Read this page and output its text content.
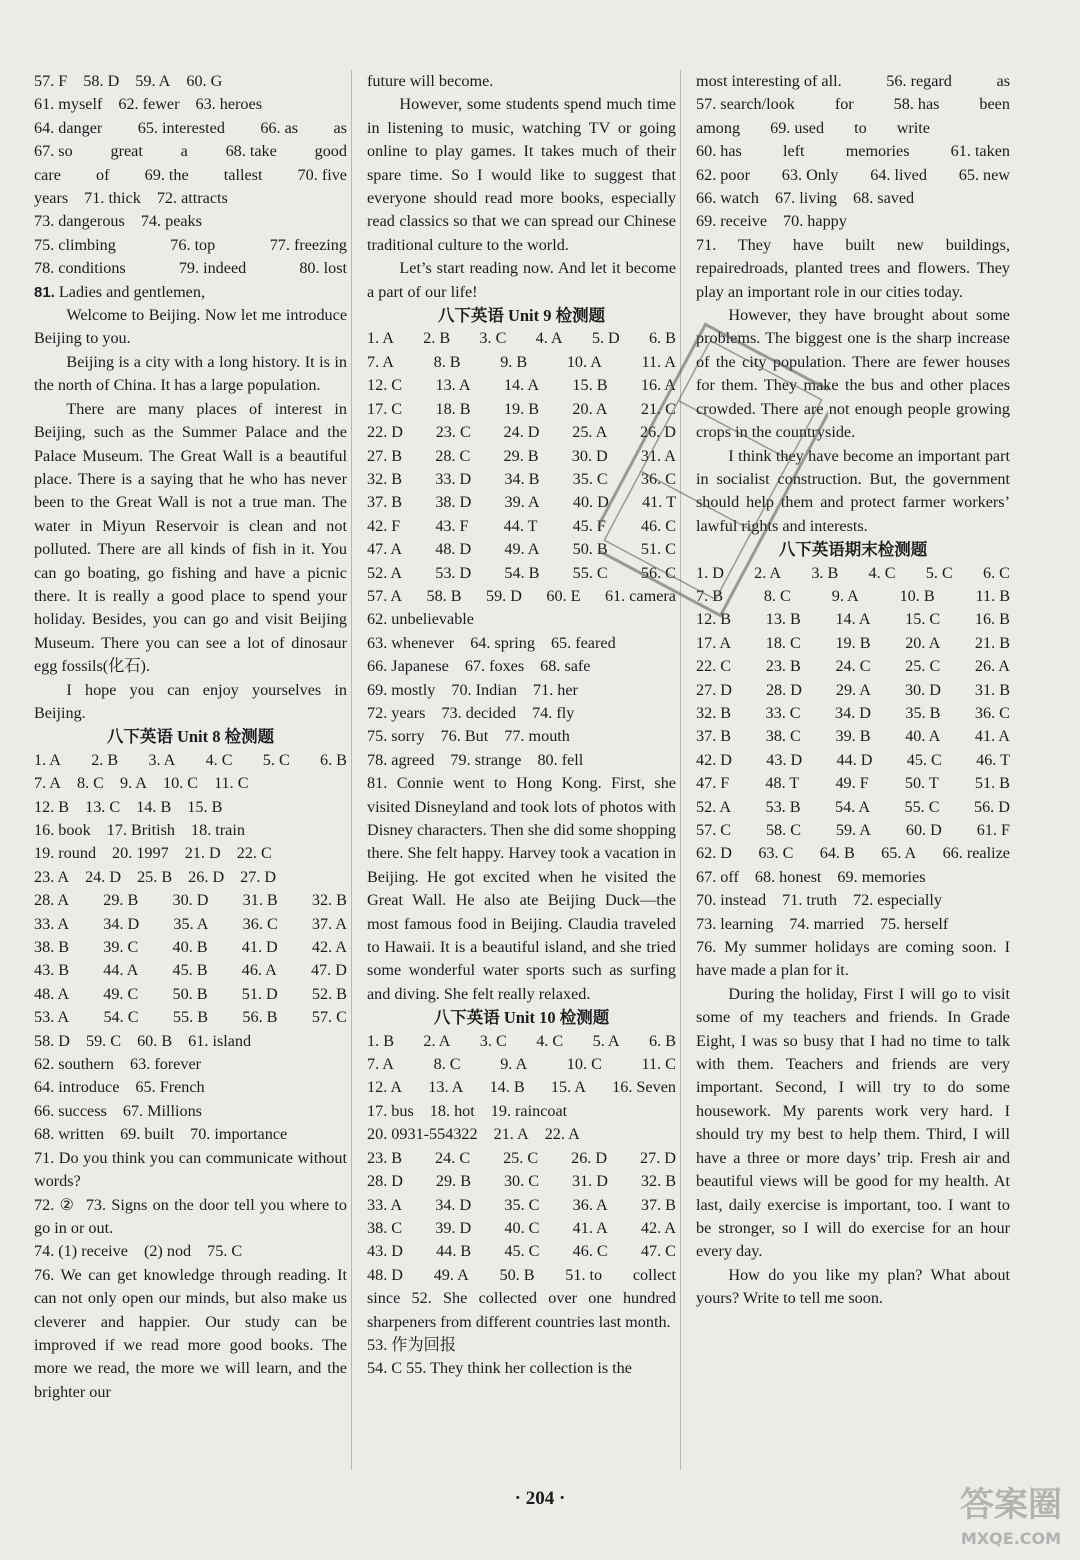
57. F 58. D 59. A 60. G
61. myself 62. fewer 63. heroes
64. danger 65. interested 66. as as
67. so great a 68. take good
care of 69. the tallest 70. five
years 71. thick 72. attracts
73. dangerous 74. peaks
75. climbing	76. top	77. freezing
78. conditions	79. indeed	80. lost
81. Ladies and gentlemen,
Welcome to Beijing. Now let me introduce Beijing to you.
Beijing is a city with a long history. It is in the north of China. It has a large population.
There are many places of interest in Beijing, such as the Summer Palace and the Palace Museum. The Great Wall is a beautiful place. There is a saying that he who has never been to the Great Wall is not a true man. The water in Miyun Reservoir is clean and not polluted. There are all kinds of fish in it. You can go boating, go fishing and have a picnic there. It is really a good place to spend your holiday. Besides, you can go and visit Beijing Museum. There you can see a lot of dinosaur egg fossils(化石).
I hope you can enjoy yourselves in Beijing.
八下英语 Unit 8 检测题
1. A 2. B 3. A 4. C 5. C 6. B
7. A 8. C 9. A 10. C 11. C
12. B 13. C 14. B 15. B
16. book 17. British 18. train
19. round 20. 1997 21. D 22. C
23. A 24. D 25. B 26. D 27. D
28. A 29. B 30. D 31. B 32. B
33. A 34. D 35. A 36. C 37. A
38. B 39. C 40. B 41. D 42. A
43. B 44. A 45. B 46. A 47. D
48. A 49. C 50. B 51. D 52. B
53. A 54. C 55. B 56. B 57. C
58. D 59. C 60. B 61. island
62. southern 63. forever
64. introduce 65. French
66. success 67. Millions
68. written 69. built 70. importance
71. Do you think you can communicate without words?
72. ② 73. Signs on the door tell you where to go in or out.
74. (1) receive (2) nod 75. C
76. We can get knowledge through reading. It can not only open our minds, but also make us cleverer and happier. Our study can be improved if we read more good books. The more we read, the more we will learn, and the brighter our
future will become.
However, some students spend much time in listening to music, watching TV or going online to play games. It takes much of their spare time. So I would like to suggest that everyone should read more books, especially read classics so that we can spread our Chinese traditional culture to the world.
Let’s start reading now. And let it become a part of our life!
八下英语 Unit 9 检测题
1. A 2. B 3. C 4. A 5. D 6. B
7. A 8. B 9. B 10. A 11. A
12. C 13. A 14. A 15. B 16. A
17. C 18. B 19. B 20. A 21. C
22. D 23. C 24. D 25. A 26. D
27. B 28. C 29. B 30. D 31. A
32. B 33. D 34. B 35. C 36. C
37. B 38. D 39. A 40. D 41. T
42. F 43. F 44. T 45. F 46. C
47. A 48. D 49. A 50. B 51. C
52. A 53. D 54. B 55. C 56. C
57. A 58. B 59. D 60. E 61. camera
62. unbelievable
63. whenever 64. spring 65. feared
66. Japanese 67. foxes 68. safe
69. mostly 70. Indian 71. her
72. years 73. decided 74. fly
75. sorry 76. But 77. mouth
78. agreed 79. strange 80. fell
81. Connie went to Hong Kong. First, she visited Disneyland and took lots of photos with Disney characters. Then she did some shopping there. She felt happy. Harvey took a vacation in Beijing. He got excited when he visited the Great Wall. He also ate Beijing Duck—the most famous food in Beijing. Claudia traveled to Hawaii. It is a beautiful island, and she tried some wonderful water sports such as surfing and diving. She felt really relaxed.
八下英语 Unit 10 检测题
1. B 2. A 3. C 4. C 5. A 6. B
7. A 8. C 9. A 10. C 11. C
12. A 13. A 14. B 15. A 16. Seven
17. bus 18. hot 19. raincoat
20. 0931-554322 21. A 22. A
23. B 24. C 25. C 26. D 27. D
28. D 29. B 30. C 31. D 32. B
33. A 34. D 35. C 36. A 37. B
38. C 39. D 40. C 41. A 42. A
43. D 44. B 45. C 46. C 47. C
48. D 49. A 50. B 51. to collect
since 52. She collected over one hundred sharpeners from different countries last month.
53. 作为回报
54. C 55. They think her collection is the
most interesting of all.	56. regard	as
57. search/look for 58. has been
among 69. used to write
60. has	left	memories	61. taken
62. poor 63. Only 64. lived 65. new
66. watch 67. living 68. saved
69. receive 70. happy
71. They have built new buildings, repairedroads, planted trees and flowers. They play an important role in our cities today.
However, they have brought about some problems. The biggest one is the sharp increase of the city population. There are fewer houses for them. They make the bus and other places crowded. There are not enough people growing crops in the countryside.
I think they have become an important part in socialist construction. But, the government should help them and protect farmer workers’ lawful rights and interests.
八下英语期末检测题
1. D 2. A 3. B 4. C 5. C 6. C
7. B	8. C	9. A	10. B	11. B
12. B 13. B 14. A 15. C 16. B
17. A 18. C 19. B 20. A 21. B
22. C 23. B 24. C 25. C 26. A
27. D 28. D 29. A 30. D 31. B
32. B 33. C 34. D 35. B 36. C
37. B 38. C 39. B 40. A 41. A
42. D 43. D 44. D 45. C 46. T
47. F 48. T 49. F 50. T 51. B
52. A 53. B 54. A 55. C 56. D
57. C 58. C 59. A 60. D 61. F
62. D 63. C 64. B 65. A 66. realize
67. off 68. honest 69. memories
70. instead 71. truth 72. especially
73. learning 74. married 75. herself
76. My summer holidays are coming soon. I have made a plan for it.
During the holiday, First I will go to visit some of my teachers and friends. In Grade Eight, I was so busy that I had no time to talk with them. Teachers and friends are very important. Second, I will try to do some housework. My parents work very hard. I should try my best to help them. Third, I will have a three or more days’ trip. Fresh air and beautiful views will be good for my health. At last, daily exercise is important, too. I want to be stronger, so I will do exercise for an hour every day.
How do you like my plan? What about yours? Write to tell me soon.
· 204 ·	答案圈
MXQE.COM
